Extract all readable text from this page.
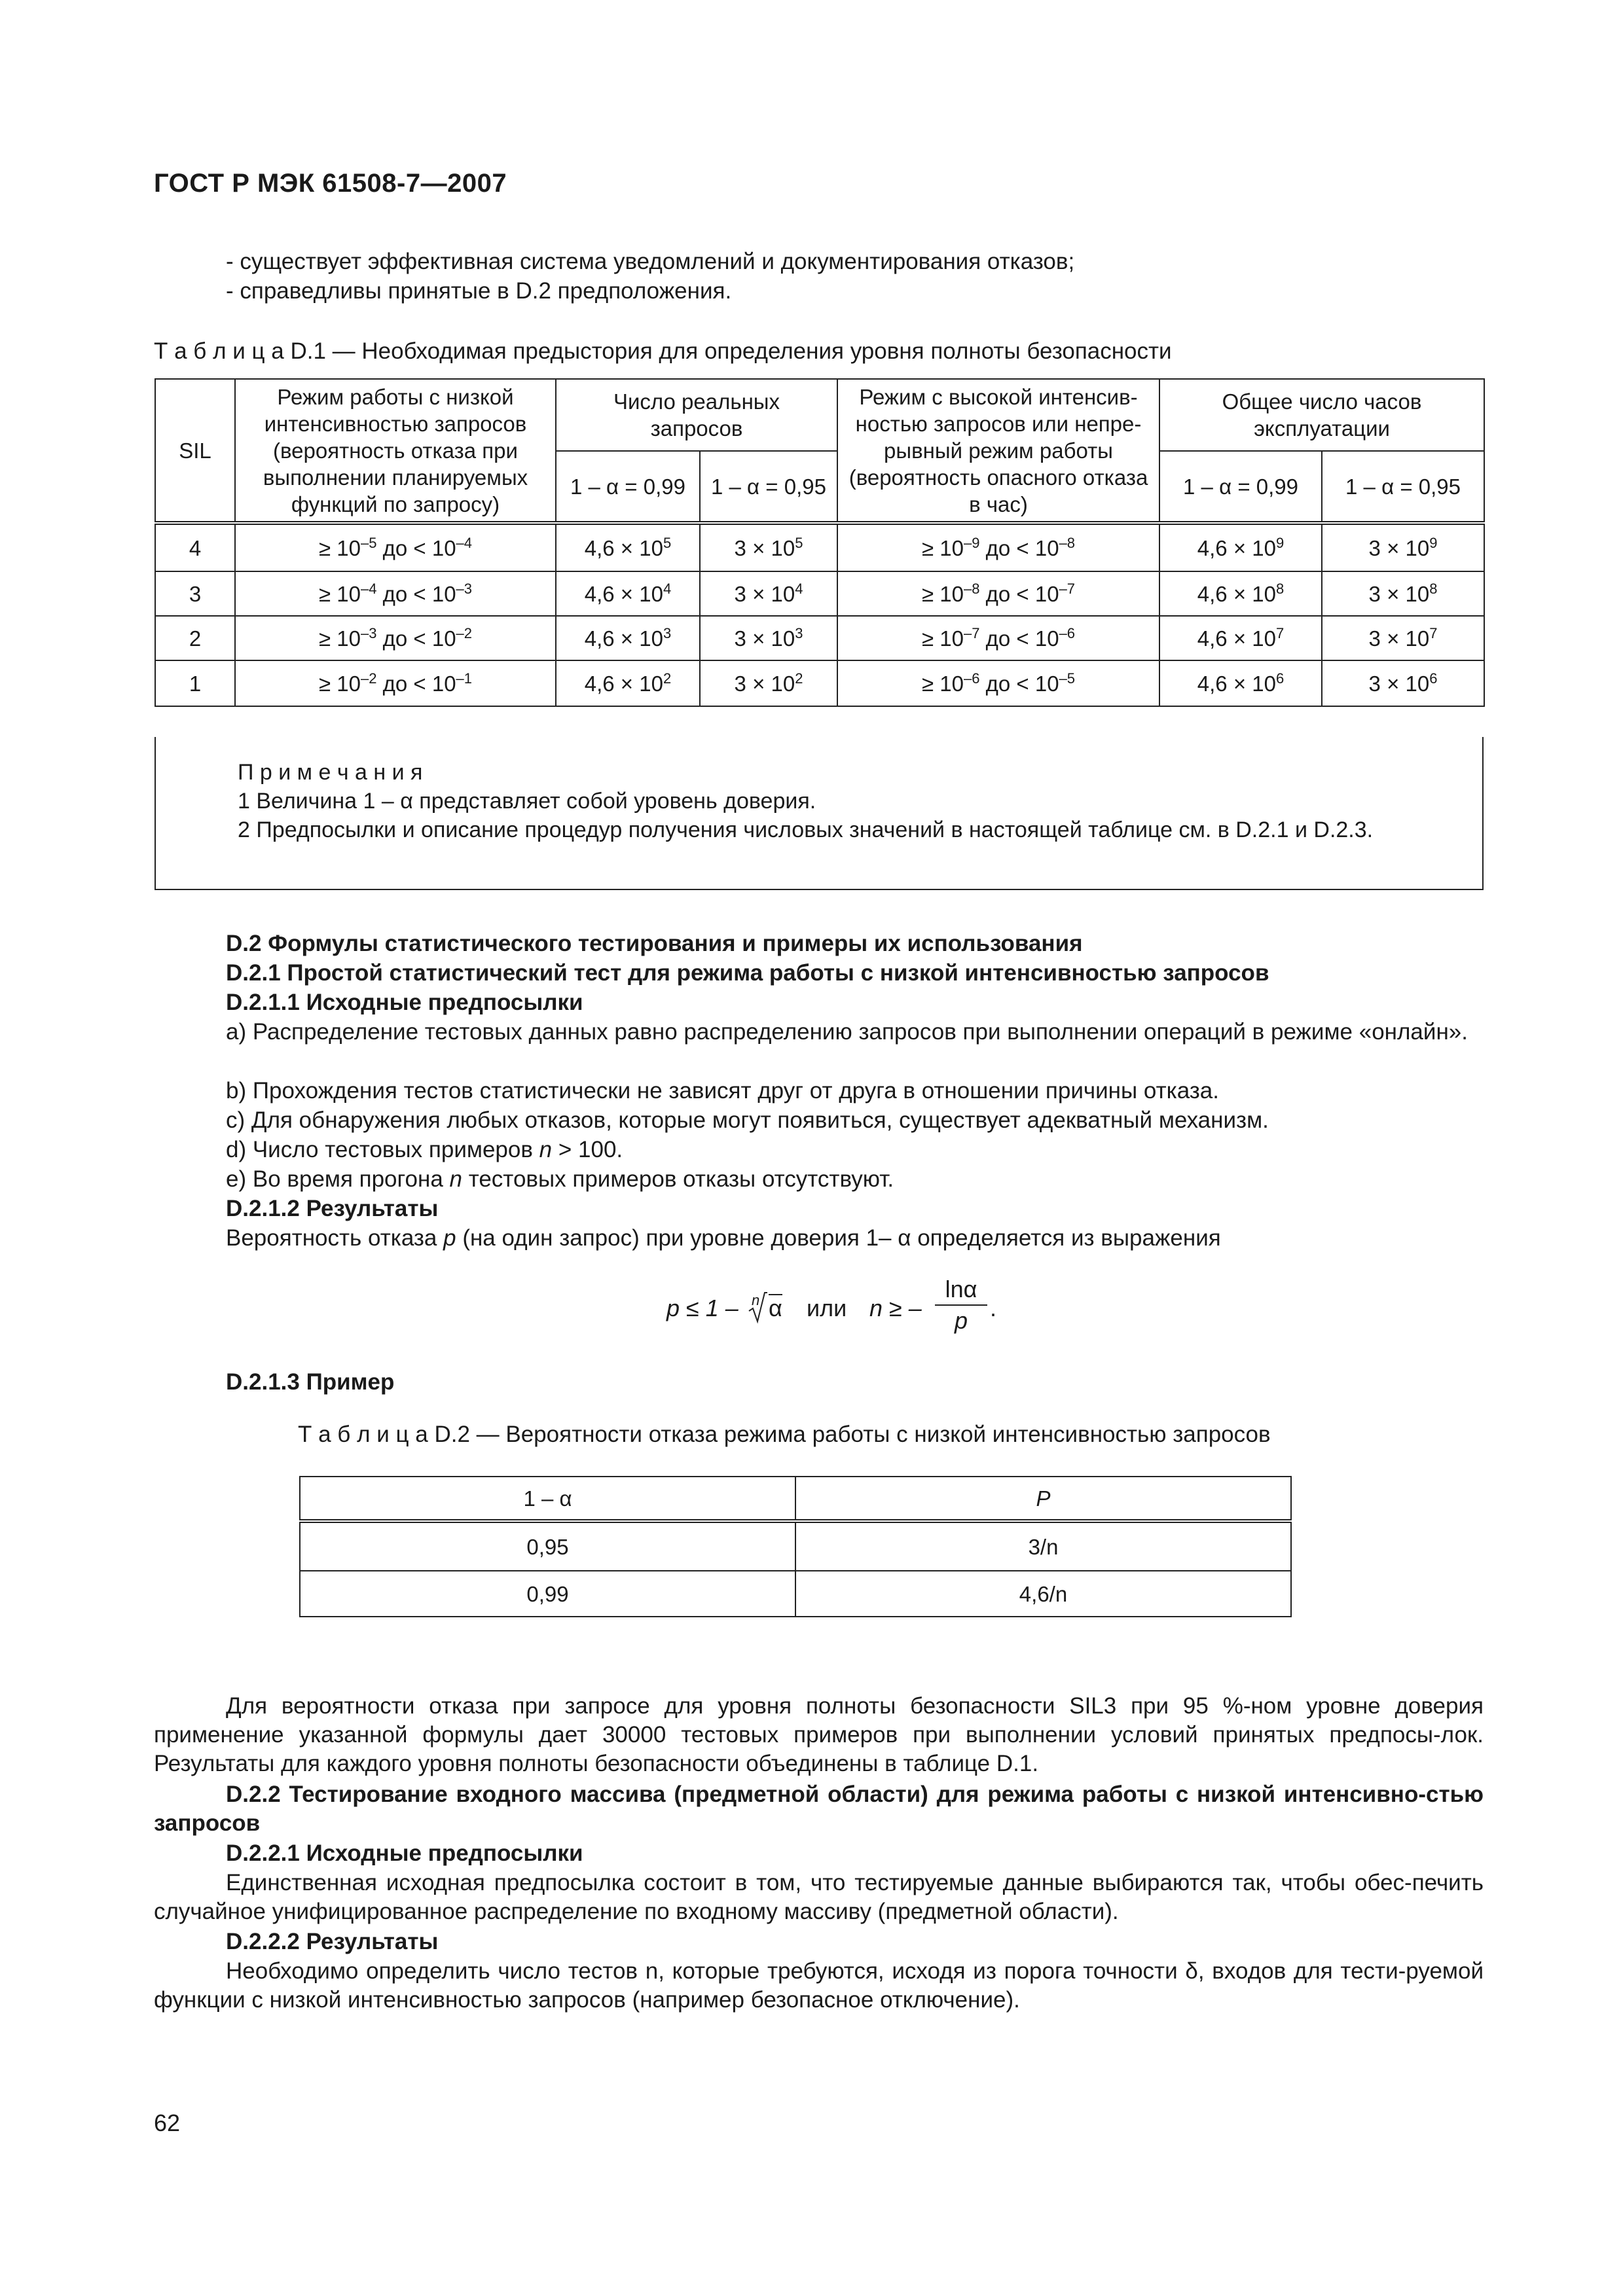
ГОСТ Р МЭК 61508-7—2007
- существует эффективная система уведомлений и документирования отказов;
- справедливы принятые в D.2 предположения.
Т а б л и ц а D.1 — Необходимая предыстория для определения уровня полноты безопасности
SIL	Режим работы с низкой интенсивностью запросов (вероятность отказа при выполнении планируемых функций по запросу)	Число реальных запросов		Режим с высокой интенсив-ностью запросов или непре-рывный режим работы (вероятность опасного отказа в час)	Общее число часов эксплуатации	
		1 – α = 0,99	1 – α = 0,95		1 – α = 0,99	1 – α = 0,95
4	≥ $10^{-5}$ до < $10^{-4}$	$4,6 \times 10^5$	$3 \times 10^5$	≥ $10^{-9}$ до < $10^{-8}$	$4,6 \times 10^9$	$3 \times 10^9$
3	≥ $10^{-4}$ до < $10^{-3}$	$4,6 \times 10^4$	$3 \times 10^4$	≥ $10^{-8}$ до < $10^{-7}$	$4,6 \times 10^8$	$3 \times 10^8$
2	≥ $10^{-3}$ до < $10^{-2}$	$4,6 \times 10^3$	$3 \times 10^3$	≥ $10^{-7}$ до < $10^{-6}$	$4,6 \times 10^7$	$3 \times 10^7$
1	≥ $10^{-2}$ до < $10^{-1}$	$4,6 \times 10^2$	$3 \times 10^2$	≥ $10^{-6}$ до < $10^{-5}$	$4,6 \times 10^6$	$3 \times 10^6$
П р и м е ч а н и я
1 Величина 1 – α представляет собой уровень доверия.
2 Предпосылки и описание процедур получения числовых значений в настоящей таблице см. в D.2.1 и D.2.3.
D.2 Формулы статистического тестирования и примеры их использования
D.2.1 Простой статистический тест для режима работы с низкой интенсивностью запросов
D.2.1.1 Исходные предпосылки
a) Распределение тестовых данных равно распределению запросов при выполнении операций в режиме «онлайн».
b) Прохождения тестов статистически не зависят друг от друга в отношении причины отказа.
c) Для обнаружения любых отказов, которые могут появиться, существует адекватный механизм.
d) Число тестовых примеров n > 100.
e) Во время прогона n тестовых примеров отказы отсутствуют.
D.2.1.2 Результаты
Вероятность отказа p (на один запрос) при уровне доверия 1– α определяется из выражения
p ≤ 1 – n α или n ≥ – $\frac{\ln\alpha}{p}$ .
D.2.1.3 Пример
Т а б л и ц а D.2 — Вероятности отказа режима работы с низкой интенсивностью запросов
1 – α	P
0,95	3/n
0,99	4,6/n
Для вероятности отказа при запросе для уровня полноты безопасности SIL3 при 95 %-ном уровне доверия применение указанной формулы дает 30000 тестовых примеров при выполнении условий принятых предпосы-лок. Результаты для каждого уровня полноты безопасности объединены в таблице D.1.
D.2.2 Тестирование входного массива (предметной области) для режима работы с низкой интенсивно-стью запросов
D.2.2.1 Исходные предпосылки
Единственная исходная предпосылка состоит в том, что тестируемые данные выбираются так, чтобы обес-печить случайное унифицированное распределение по входному массиву (предметной области).
D.2.2.2 Результаты
Необходимо определить число тестов n, которые требуются, исходя из порога точности δ, входов для тести-руемой функции с низкой интенсивностью запросов (например безопасное отключение).
62
